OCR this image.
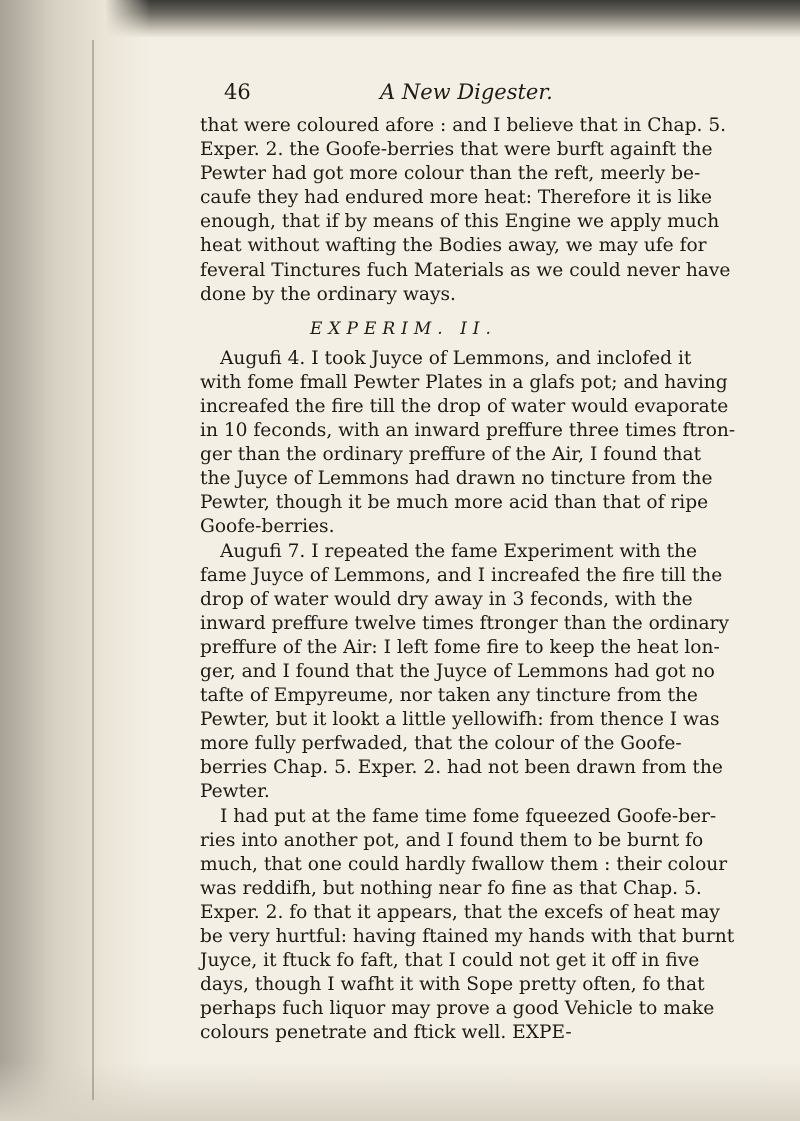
46	A New Digester.

that were coloured afore : and I believe that in Chap. 5.
Exper. 2. the Goofe-berries that were burft againft the
Pewter had got more colour than the reft, meerly be-
caufe they had endured more heat: Therefore it is like
enough, that if by means of this Engine we apply much
heat without wafting the Bodies away, we may ufe for
feveral Tinctures fuch Materials as we could never have
done by the ordinary ways.

EXPERIM. II.

Augufi 4. I took Juyce of Lemmons, and inclofed it
with fome fmall Pewter Plates in a glafs pot; and having
increafed the fire till the drop of water would evaporate
in 10 feconds, with an inward preffure three times ftron-
ger than the ordinary preffure of the Air, I found that
the Juyce of Lemmons had drawn no tincture from the
Pewter, though it be much more acid than that of ripe
Goofe-berries.

Augufi 7. I repeated the fame Experiment with the
fame Juyce of Lemmons, and I increafed the fire till the
drop of water would dry away in 3 feconds, with the
inward preffure twelve times ftronger than the ordinary
preffure of the Air: I left fome fire to keep the heat lon-
ger, and I found that the Juyce of Lemmons had got no
tafte of Empyreume, nor taken any tincture from the
Pewter, but it lookt a little yellowifh: from thence I was
more fully perfwaded, that the colour of the Goofe-
berries Chap. 5. Exper. 2. had not been drawn from the
Pewter.

I had put at the fame time fome fqueezed Goofe-ber-
ries into another pot, and I found them to be burnt fo
much, that one could hardly fwallow them : their colour
was reddifh, but nothing near fo fine as that Chap. 5.
Exper. 2. fo that it appears, that the excefs of heat may
be very hurtful: having ftained my hands with that burnt
Juyce, it ftuck fo faft, that I could not get it off in five
days, though I wafht it with Sope pretty often, fo that
perhaps fuch liquor may prove a good Vehicle to make
colours penetrate and ftick well. EXPE-
